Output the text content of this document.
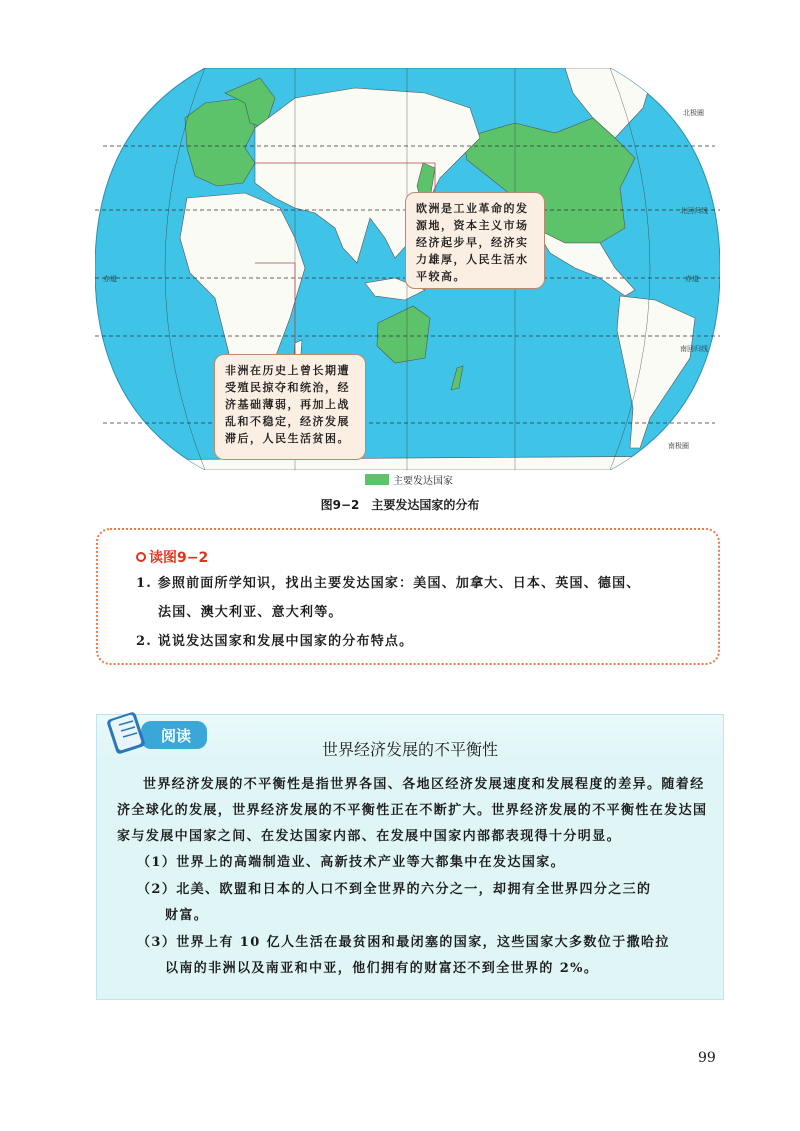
北极圈
北回归线
赤道	赤道
南回归线
南极圈
欧洲是工业革命的发源地，资本主义市场经济起步早，经济实力雄厚，人民生活水平较高。
非洲在历史上曾长期遭受殖民掠夺和统治，经济基础薄弱，再加上战乱和不稳定，经济发展滞后，人民生活贫困。
主要发达国家
图9−2　主要发达国家的分布
读图9−2
1. 参照前面所学知识，找出主要发达国家：美国、加拿大、日本、英国、德国、
法国、澳大利亚、意大利等。
2. 说说发达国家和发展中国家的分布特点。
阅读
世界经济发展的不平衡性
世界经济发展的不平衡性是指世界各国、各地区经济发展速度和发展程度的差异。随着经济全球化的发展，世界经济发展的不平衡性正在不断扩大。世界经济发展的不平衡性在发达国家与发展中国家之间、在发达国家内部、在发展中国家内部都表现得十分明显。
（1）世界上的高端制造业、高新技术产业等大都集中在发达国家。
（2）北美、欧盟和日本的人口不到全世界的六分之一，却拥有全世界四分之三的
财富。
（3）世界上有 10 亿人生活在最贫困和最闭塞的国家，这些国家大多数位于撒哈拉
以南的非洲以及南亚和中亚，他们拥有的财富还不到全世界的 2%。
99
